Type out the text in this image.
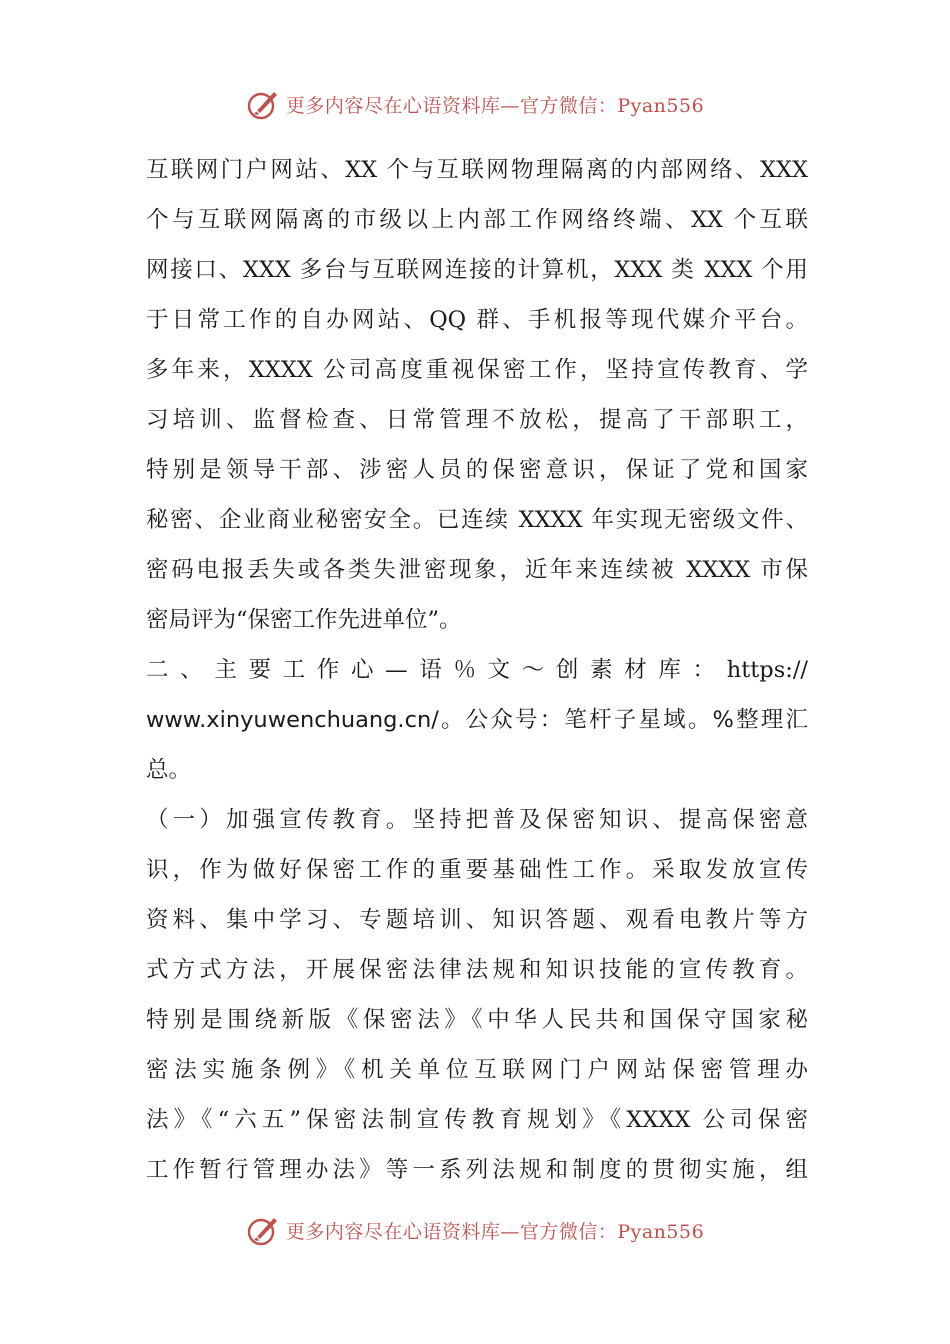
更多内容尽在心语资料库—官方微信：Pyan556
互联网门户网站、XX 个与互联网物理隔离的内部网络、XXX
个与互联网隔离的市级以上内部工作网络终端、XX 个互联
网接口、XXX 多台与互联网连接的计算机，XXX 类 XXX 个用
于日常工作的自办网站、QQ 群、手机报等现代媒介平台。
多年来，XXXX 公司高度重视保密工作，坚持宣传教育、学
习培训、监督检查、日常管理不放松，提高了干部职工，
特别是领导干部、涉密人员的保密意识，保证了党和国家
秘密、企业商业秘密安全。已连续 XXXX 年实现无密级文件、
密码电报丢失或各类失泄密现象，近年来连续被 XXXX 市保
密局评为“保密工作先进单位”。
二、主要工作心—语％文～创素材库：https://
www.xinyuwenchuang.cn/。公众号：笔杆子星域。%整理汇
总。
（一）加强宣传教育。坚持把普及保密知识、提高保密意
识，作为做好保密工作的重要基础性工作。采取发放宣传
资料、集中学习、专题培训、知识答题、观看电教片等方
式方式方法，开展保密法律法规和知识技能的宣传教育。
特别是围绕新版《保密法》《中华人民共和国保守国家秘
密法实施条例》《机关单位互联网门户网站保密管理办
法》《“六五”保密法制宣传教育规划》《XXXX 公司保密
工作暂行管理办法》等一系列法规和制度的贯彻实施，组
更多内容尽在心语资料库—官方微信：Pyan556
